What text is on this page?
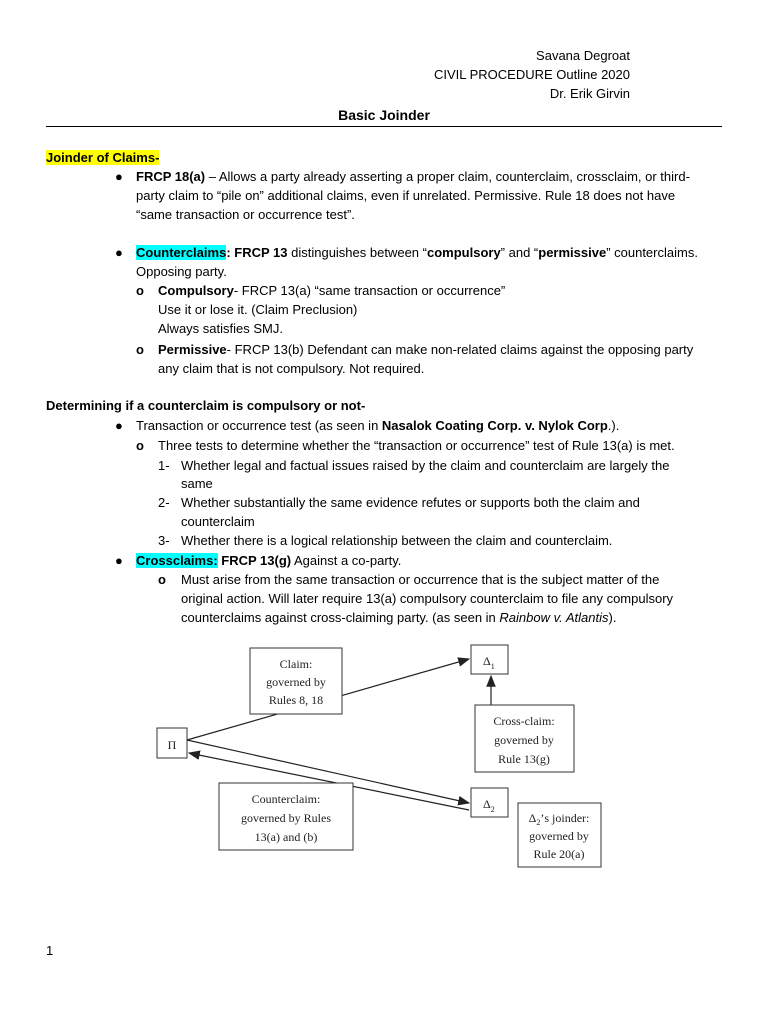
Savana Degroat
CIVIL PROCEDURE Outline 2020
Dr. Erik Girvin
Basic Joinder
Joinder of Claims-
● FRCP 18(a) – Allows a party already asserting a proper claim, counterclaim, crossclaim, or third-
party claim to “pile on” additional claims, even if unrelated. Permissive. Rule 18 does not have
“same transaction or occurrence test”.
● Counterclaims: FRCP 13 distinguishes between “compulsory” and “permissive” counterclaims.
Opposing party.
o Compulsory- FRCP 13(a) “same transaction or occurrence”
Use it or lose it. (Claim Preclusion)
Always satisfies SMJ.
o Permissive- FRCP 13(b) Defendant can make non-related claims against the opposing party
any claim that is not compulsory. Not required.
Determining if a counterclaim is compulsory or not-
● Transaction or occurrence test (as seen in Nasalok Coating Corp. v. Nylok Corp.).
o Three tests to determine whether the “transaction or occurrence” test of Rule 13(a) is met.
1- Whether legal and factual issues raised by the claim and counterclaim are largely the
same
2- Whether substantially the same evidence refutes or supports both the claim and
counterclaim
3- Whether there is a logical relationship between the claim and counterclaim.
● Crossclaims: FRCP 13(g) Against a co-party.
o Must arise from the same transaction or occurrence that is the subject matter of the
original action. Will later require 13(a) compulsory counterclaim to file any compulsory
counterclaims against cross-claiming party. (as seen in Rainbow v. Atlantis).
Π
$\Delta_1$
$\Delta_2$
Claim:
governed by
Rules 8, 18
Cross-claim:
governed by
Rule 13(g)
Counterclaim:
governed by Rules
13(a) and (b)
$\Delta_2’s$ joinder:
governed by
Rule 20(a)
1
